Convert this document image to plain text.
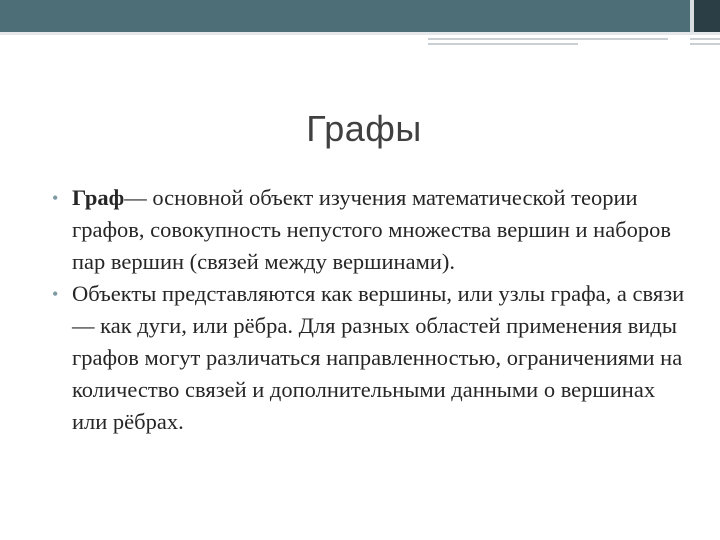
Графы
• Граф— основной объект изучения математической теории графов, совокупность непустого множества вершин и наборов пар вершин (связей между вершинами).
• Объекты представляются как вершины, или узлы графа, а связи — как дуги, или рёбра. Для разных областей применения виды графов могут различаться направленностью, ограничениями на количество связей и дополнительными данными о вершинах или рёбрах.
